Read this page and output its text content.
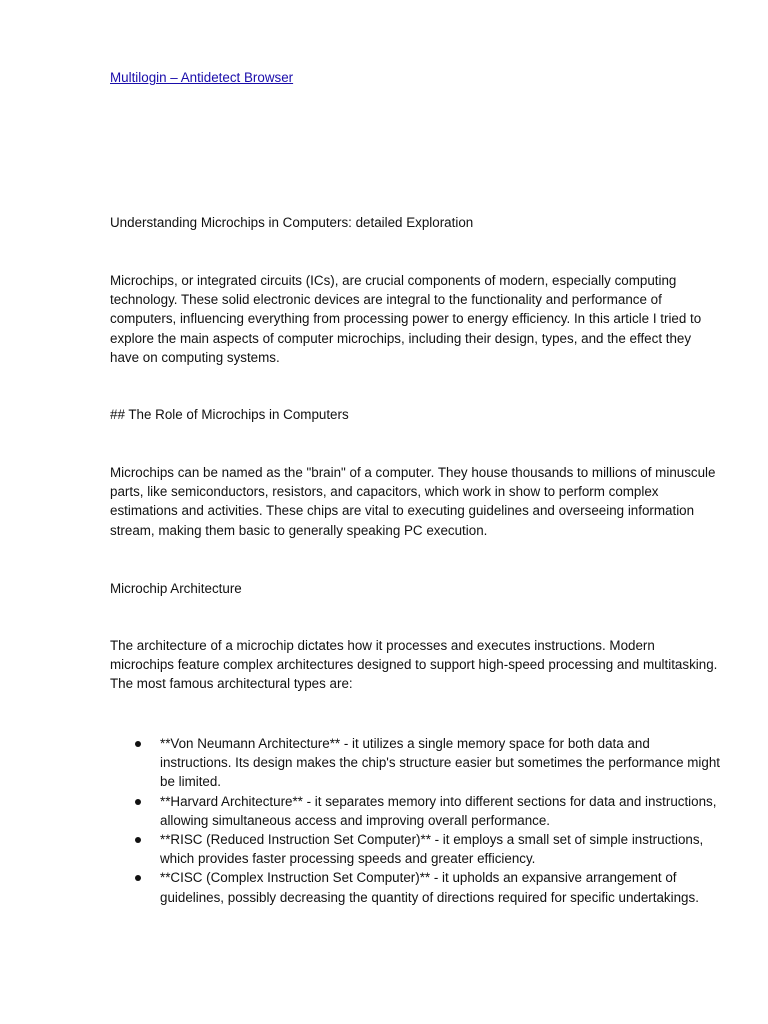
Multilogin – Antidetect Browser

Understanding Microchips in Computers: detailed Exploration

Microchips, or integrated circuits (ICs), are crucial components of modern, especially computing technology. These solid electronic devices are integral to the functionality and performance of computers, influencing everything from processing power to energy efficiency. In this article I tried to explore the main aspects of computer microchips, including their design, types, and the effect they have on computing systems.

## The Role of Microchips in Computers

Microchips can be named as the "brain" of a computer. They house thousands to millions of minuscule parts, like semiconductors, resistors, and capacitors, which work in show to perform complex estimations and activities. These chips are vital to executing guidelines and overseeing information stream, making them basic to generally speaking PC execution.

Microchip Architecture

The architecture of a microchip dictates how it processes and executes instructions. Modern microchips feature complex architectures designed to support high-speed processing and multitasking. The most famous architectural types are:

**Von Neumann Architecture** - it utilizes a single memory space for both data and instructions. Its design makes the chip's structure easier but sometimes the performance might be limited.
**Harvard Architecture** - it separates memory into different sections for data and instructions, allowing simultaneous access and improving overall performance.
**RISC (Reduced Instruction Set Computer)** - it employs a small set of simple instructions, which provides faster processing speeds and greater efficiency.
**CISC (Complex Instruction Set Computer)** - it upholds an expansive arrangement of guidelines, possibly decreasing the quantity of directions required for specific undertakings.
